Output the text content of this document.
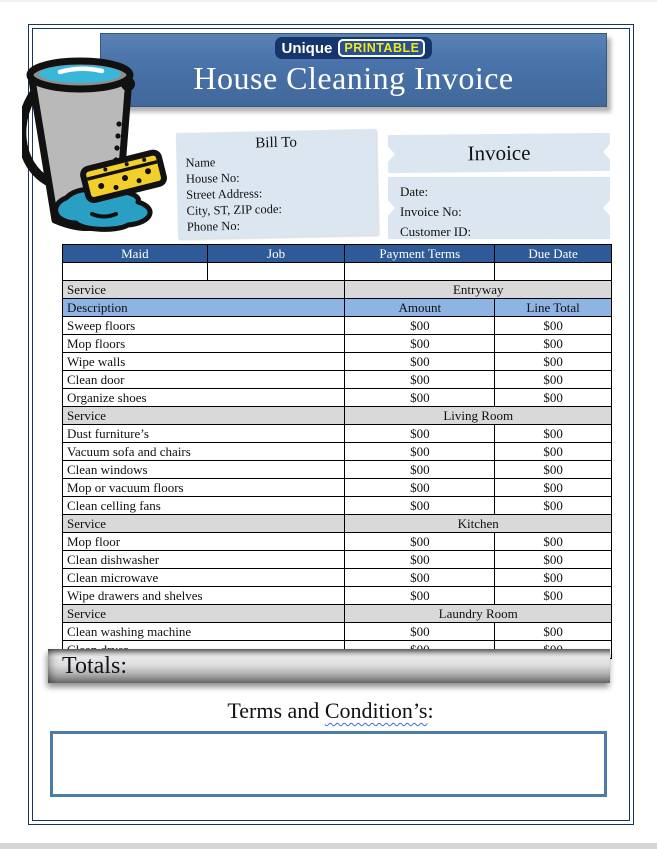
Unique PRINTABLE
House Cleaning Invoice
Bill To
Name
House No:
Street Address:
City, ST, ZIP code:
Phone No:
Invoice
Date:
Invoice No:
Customer ID:
Maid	Job	Payment Terms	Due Date

Service		Entryway	
Description		Amount	Line Total
Sweep floors		$00	$00
Mop floors		$00	$00
Wipe walls		$00	$00
Clean door		$00	$00
Organize shoes		$00	$00
Service		Living Room	
Dust furniture’s		$00	$00
Vacuum sofa and chairs		$00	$00
Clean windows		$00	$00
Mop or vacuum floors		$00	$00
Clean celling fans		$00	$00
Service		Kitchen	
Mop floor		$00	$00
Clean dishwasher		$00	$00
Clean microwave		$00	$00
Wipe drawers and shelves		$00	$00
Service		Laundry Room	
Clean washing machine		$00	$00

Totals:
Terms and Condition’s:
